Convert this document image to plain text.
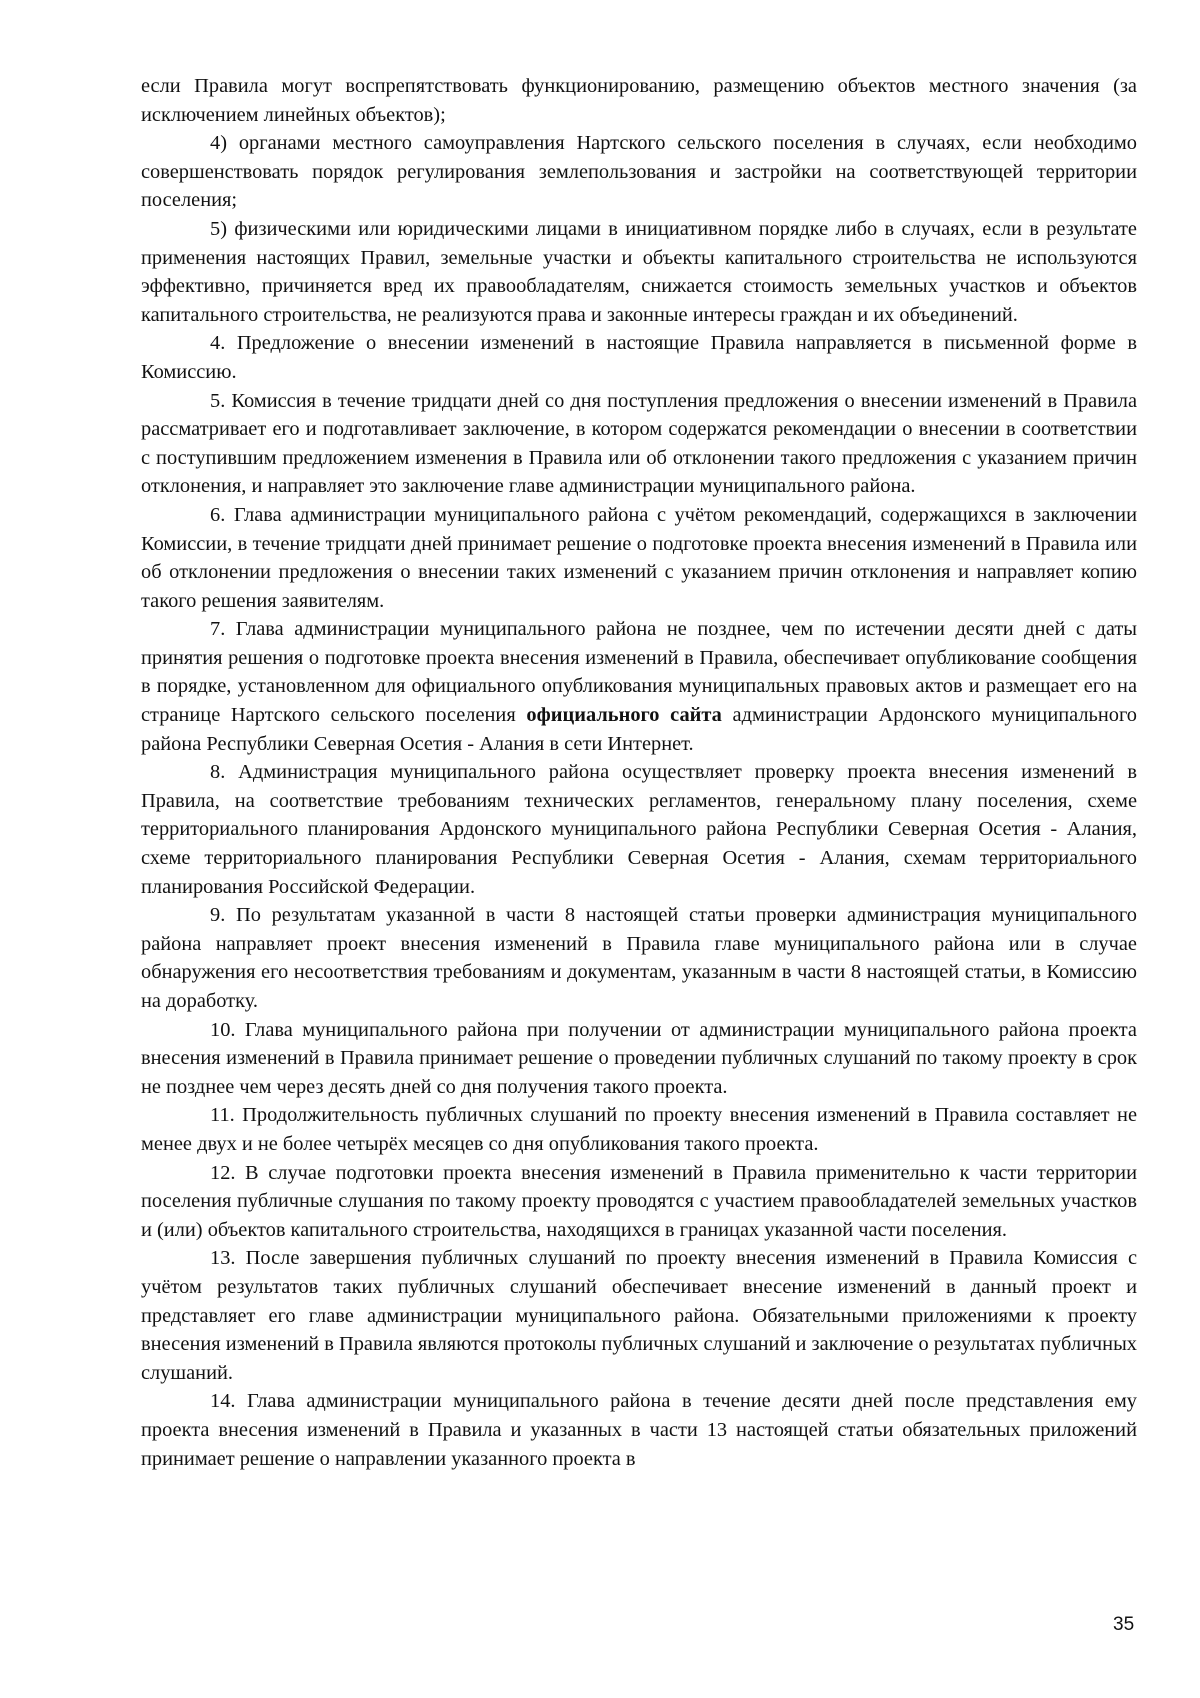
если Правила могут воспрепятствовать функционированию, размещению объектов местного значения (за исключением линейных объектов);

4) органами местного самоуправления Нартского сельского поселения в случаях, если необходимо совершенствовать порядок регулирования землепользования и застройки на соответствующей территории поселения;

5) физическими или юридическими лицами в инициативном порядке либо в случаях, если в результате применения настоящих Правил, земельные участки и объекты капитального строительства не используются эффективно, причиняется вред их правообладателям, снижается стоимость земельных участков и объектов капитального строительства, не реализуются права и законные интересы граждан и их объединений.

4. Предложение о внесении изменений в настоящие Правила направляется в письменной форме в Комиссию.

5. Комиссия в течение тридцати дней со дня поступления предложения о внесении изменений в Правила рассматривает его и подготавливает заключение, в котором содержатся рекомендации о внесении в соответствии с поступившим предложением изменения в Правила или об отклонении такого предложения с указанием причин отклонения, и направляет это заключение главе администрации муниципального района.

6. Глава администрации муниципального района с учётом рекомендаций, содержащихся в заключении Комиссии, в течение тридцати дней принимает решение о подготовке проекта внесения изменений в Правила или об отклонении предложения о внесении таких изменений с указанием причин отклонения и направляет копию такого решения заявителям.

7. Глава администрации муниципального района не позднее, чем по истечении десяти дней с даты принятия решения о подготовке проекта внесения изменений в Правила, обеспечивает опубликование сообщения в порядке, установленном для официального опубликования муниципальных правовых актов и размещает его на странице Нартского сельского поселения официального сайта администрации Ардонского муниципального района Республики Северная Осетия - Алания в сети Интернет.

8. Администрация муниципального района осуществляет проверку проекта внесения изменений в Правила, на соответствие требованиям технических регламентов, генеральному плану поселения, схеме территориального планирования Ардонского муниципального района Республики Северная Осетия - Алания, схеме территориального планирования Республики Северная Осетия - Алания, схемам территориального планирования Российской Федерации.

9. По результатам указанной в части 8 настоящей статьи проверки администрация муниципального района направляет проект внесения изменений в Правила главе муниципального района или в случае обнаружения его несоответствия требованиям и документам, указанным в части 8 настоящей статьи, в Комиссию на доработку.

10. Глава муниципального района при получении от администрации муниципального района проекта внесения изменений в Правила принимает решение о проведении публичных слушаний по такому проекту в срок не позднее чем через десять дней со дня получения такого проекта.

11. Продолжительность публичных слушаний по проекту внесения изменений в Правила составляет не менее двух и не более четырёх месяцев со дня опубликования такого проекта.

12. В случае подготовки проекта внесения изменений в Правила применительно к части территории поселения публичные слушания по такому проекту проводятся с участием правообладателей земельных участков и (или) объектов капитального строительства, находящихся в границах указанной части поселения.

13. После завершения публичных слушаний по проекту внесения изменений в Правила Комиссия с учётом результатов таких публичных слушаний обеспечивает внесение изменений в данный проект и представляет его главе администрации муниципального района. Обязательными приложениями к проекту внесения изменений в Правила являются протоколы публичных слушаний и заключение о результатах публичных слушаний.

14. Глава администрации муниципального района в течение десяти дней после представления ему проекта внесения изменений в Правила и указанных в части 13 настоящей статьи обязательных приложений принимает решение о направлении указанного проекта в

35
